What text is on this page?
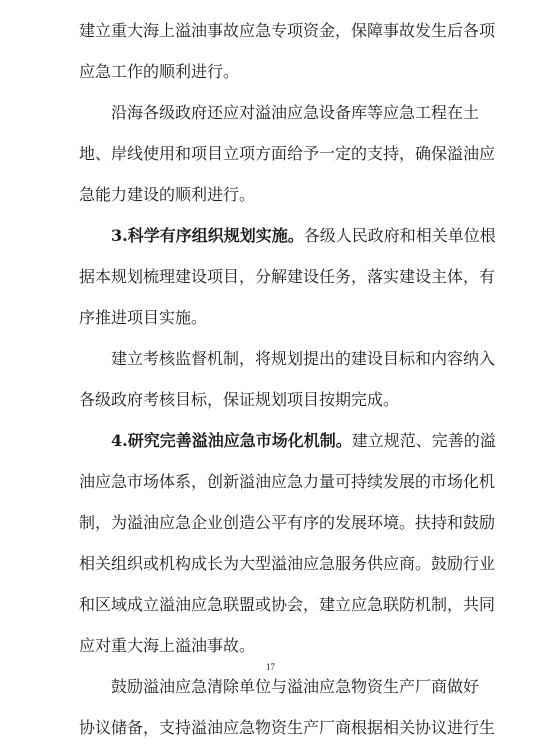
建立重大海上溢油事故应急专项资金，保障事故发生后各项
应急工作的顺利进行。
沿海各级政府还应对溢油应急设备库等应急工程在土
地、岸线使用和项目立项方面给予一定的支持，确保溢油应
急能力建设的顺利进行。
3.科学有序组织规划实施。各级人民政府和相关单位根
据本规划梳理建设项目，分解建设任务，落实建设主体，有
序推进项目实施。
建立考核监督机制，将规划提出的建设目标和内容纳入
各级政府考核目标，保证规划项目按期完成。
4.研究完善溢油应急市场化机制。建立规范、完善的溢
油应急市场体系，创新溢油应急力量可持续发展的市场化机
制，为溢油应急企业创造公平有序的发展环境。扶持和鼓励
相关组织或机构成长为大型溢油应急服务供应商。鼓励行业
和区域成立溢油应急联盟或协会，建立应急联防机制，共同
应对重大海上溢油事故。
鼓励溢油应急清除单位与溢油应急物资生产厂商做好
协议储备，支持溢油应急物资生产厂商根据相关协议进行生
17
